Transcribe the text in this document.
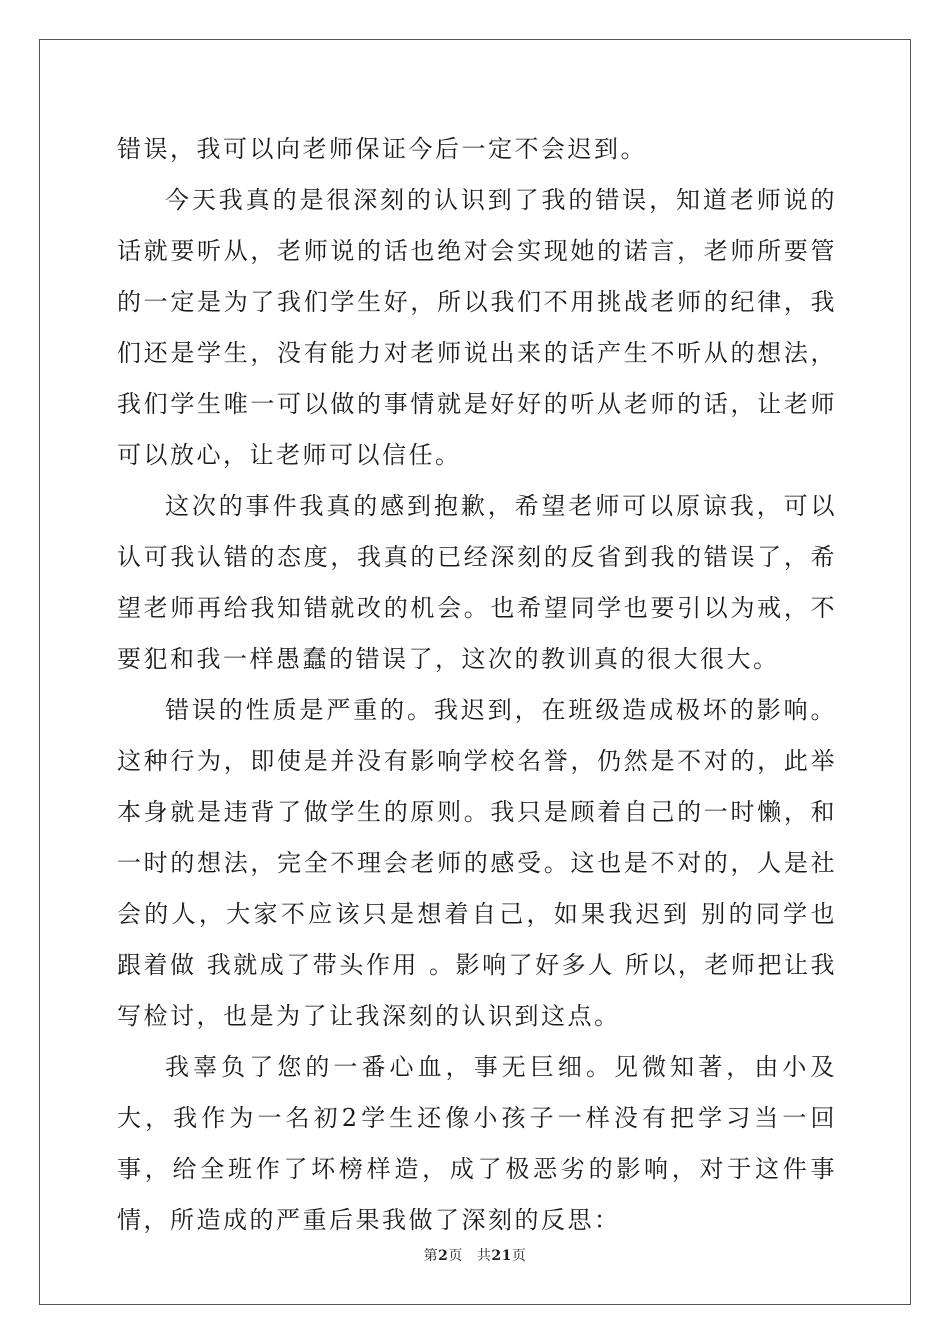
错误，我可以向老师保证今后一定不会迟到。

今天我真的是很深刻的认识到了我的错误，知道老师说的话就要听从，老师说的话也绝对会实现她的诺言，老师所要管的一定是为了我们学生好，所以我们不用挑战老师的纪律，我们还是学生，没有能力对老师说出来的话产生不听从的想法，我们学生唯一可以做的事情就是好好的听从老师的话，让老师可以放心，让老师可以信任。

这次的事件我真的感到抱歉，希望老师可以原谅我，可以认可我认错的态度，我真的已经深刻的反省到我的错误了，希望老师再给我知错就改的机会。也希望同学也要引以为戒，不要犯和我一样愚蠢的错误了，这次的教训真的很大很大。

错误的性质是严重的。我迟到，在班级造成极坏的影响。这种行为，即使是并没有影响学校名誉，仍然是不对的，此举本身就是违背了做学生的原则。我只是顾着自己的一时懒，和一时的想法，完全不理会老师的感受。这也是不对的，人是社会的人，大家不应该只是想着自己，如果我迟到 别的同学也跟着做 我就成了带头作用 。影响了好多人 所以，老师把让我写检讨，也是为了让我深刻的认识到这点。

我辜负了您的一番心血，事无巨细。见微知著，由小及大，我作为一名初2学生还像小孩子一样没有把学习当一回事，给全班作了坏榜样造，成了极恶劣的影响，对于这件事情，所造成的严重后果我做了深刻的反思：

第2页 共21页
